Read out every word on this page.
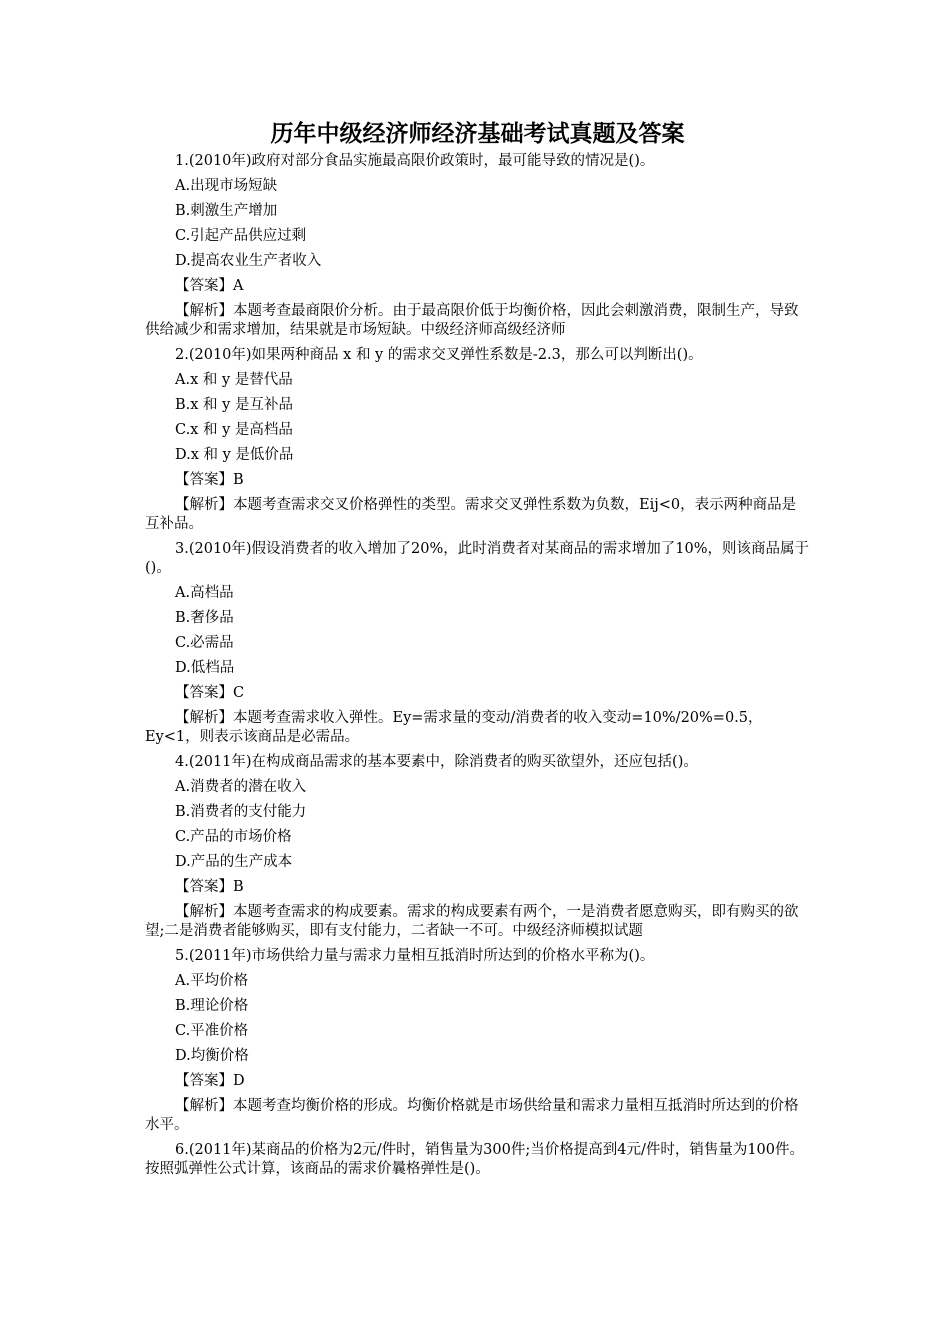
历年中级经济师经济基础考试真题及答案
1.(2010年)政府对部分食品实施最高限价政策时，最可能导致的情况是()。
A.出现市场短缺
B.刺激生产增加
C.引起产品供应过剩
D.提高农业生产者收入
【答案】A
【解析】本题考查最商限价分析。由于最高限价低于均衡价格，因此会刺激消费，限制生产，导致供给减少和需求增加，结果就是市场短缺。中级经济师高级经济师
2.(2010年)如果两种商品 x 和 y 的需求交叉弹性系数是-2.3，那么可以判断出()。
A.x 和 y 是替代品
B.x 和 y 是互补品
C.x 和 y 是高档品
D.x 和 y 是低价品
【答案】B
【解析】本题考查需求交叉价格弹性的类型。需求交叉弹性系数为负数，Eij<0，表示两种商品是互补品。
3.(2010年)假设消费者的收入增加了20%，此时消费者对某商品的需求增加了10%，则该商品属于()。
A.高档品
B.奢侈品
C.必需品
D.低档品
【答案】C
【解析】本题考查需求收入弹性。Ey=需求量的变动/消费者的收入变动=10%/20%=0.5，Ey<1，则表示该商品是必需品。
4.(2011年)在构成商品需求的基本要素中，除消费者的购买欲望外，还应包括()。
A.消费者的潜在收入
B.消费者的支付能力
C.产品的市场价格
D.产品的生产成本
【答案】B
【解析】本题考查需求的构成要素。需求的构成要素有两个，一是消费者愿意购买，即有购买的欲望;二是消费者能够购买，即有支付能力，二者缺一不可。中级经济师模拟试题
5.(2011年)市场供给力量与需求力量相互抵消时所达到的价格水平称为()。
A.平均价格
B.理论价格
C.平准价格
D.均衡价格
【答案】D
【解析】本题考查均衡价格的形成。均衡价格就是市场供给量和需求力量相互抵消时所达到的价格水平。
6.(2011年)某商品的价格为2元/件时，销售量为300件;当价格提高到4元/件时，销售量为100件。按照弧弹性公式计算，该商品的需求价曩格弹性是()。
